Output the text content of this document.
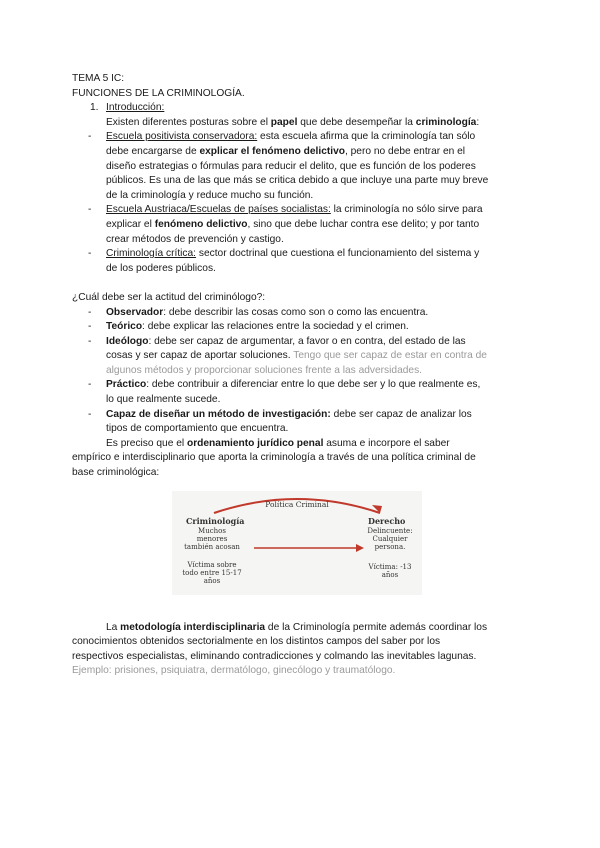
TEMA 5 IC:
FUNCIONES DE LA CRIMINOLOGÍA.
1. Introducción:
Existen diferentes posturas sobre el papel que debe desempeñar la criminología:
- Escuela positivista conservadora: esta escuela afirma que la criminología tan sólo
debe encargarse de explicar el fenómeno delictivo, pero no debe entrar en el
diseño estrategias o fórmulas para reducir el delito, que es función de los poderes
públicos. Es una de las que más se critica debido a que incluye una parte muy breve
de la criminología y reduce mucho su función.
- Escuela Austriaca/Escuelas de países socialistas: la criminología no sólo sirve para
explicar el fenómeno delictivo, sino que debe luchar contra ese delito; y por tanto
crear métodos de prevención y castigo.
- Criminología crítica: sector doctrinal que cuestiona el funcionamiento del sistema y
de los poderes públicos.
¿Cuál debe ser la actitud del criminólogo?:
- Observador: debe describir las cosas como son o como las encuentra.
- Teórico: debe explicar las relaciones entre la sociedad y el crimen.
- Ideólogo: debe ser capaz de argumentar, a favor o en contra, del estado de las
cosas y ser capaz de aportar soluciones. Tengo que ser capaz de estar en contra de
algunos métodos y proporcionar soluciones frente a las adversidades.
- Práctico: debe contribuir a diferenciar entre lo que debe ser y lo que realmente es,
lo que realmente sucede.
- Capaz de diseñar un método de investigación: debe ser capaz de analizar los
tipos de comportamiento que encuentra.
Es preciso que el ordenamiento jurídico penal asuma e incorpore el saber
empírico e interdisciplinario que aporta la criminología a través de una política criminal de
base criminológica:
Política Criminal
Criminología	Derecho
Muchos menores también acosan
Víctima sobre todo entre 15-17 años
Delincuente: Cualquier persona.
Víctima: -13 años
La metodología interdisciplinaria de la Criminología permite además coordinar los
conocimientos obtenidos sectorialmente en los distintos campos del saber por los
respectivos especialistas, eliminando contradicciones y colmando las inevitables lagunas.
Ejemplo: prisiones, psiquiatra, dermatólogo, ginecólogo y traumatólogo.
